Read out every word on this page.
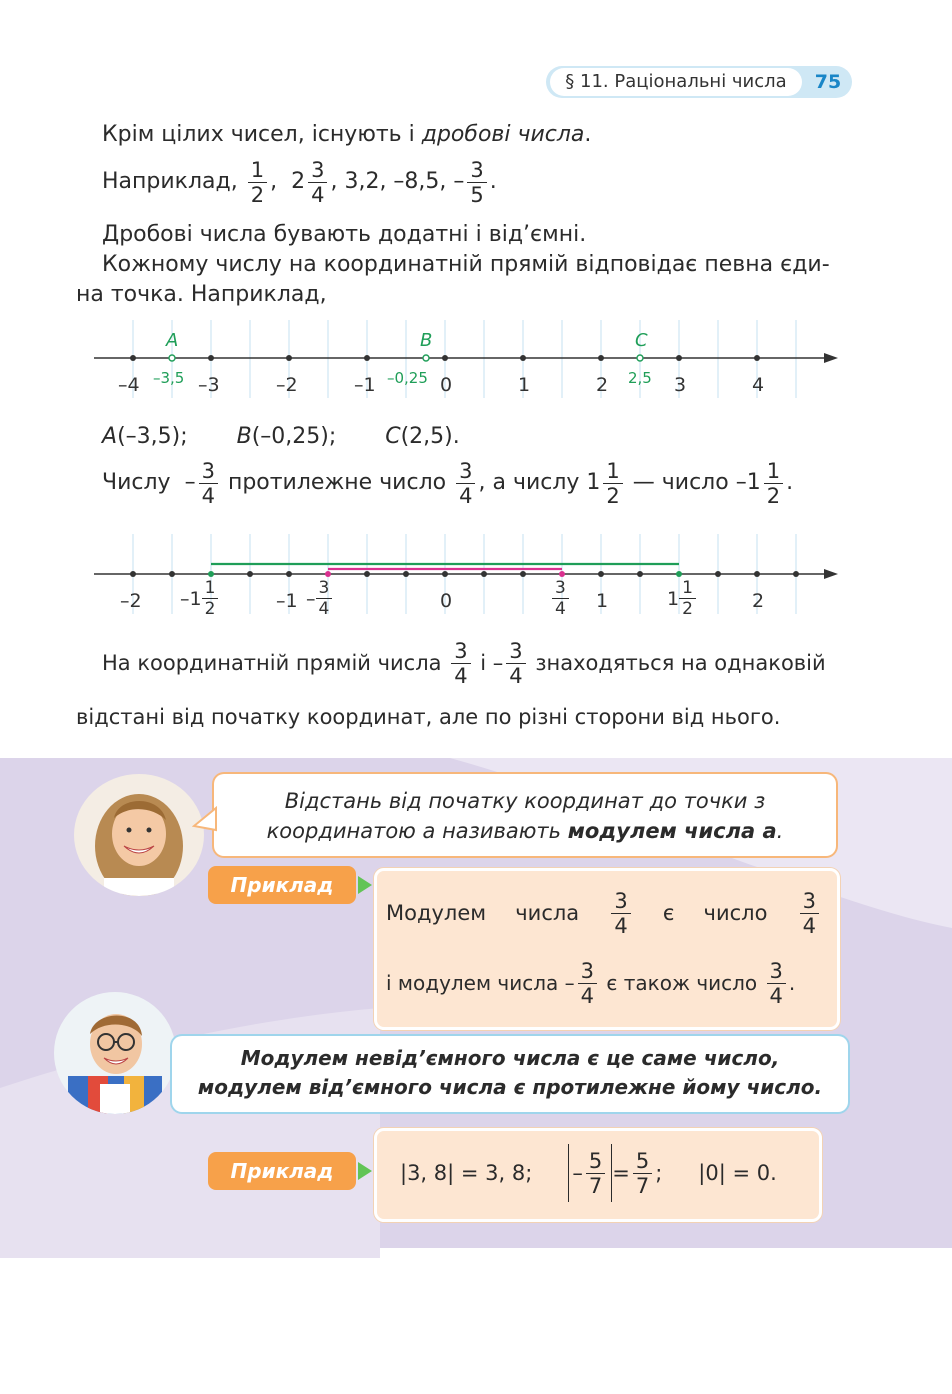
§ 11. Раціональні числа	75
Крім цілих чисел, існують і дробові числа.
Наприклад,
$\frac{1}{2}$ ,
$2 \frac{3}{4}$ , 3,2, –8,5,
– $\frac{3}{5}$ .
Дробові числа бувають додатні і від’ємні.
Кожному числу на координатній прямій відповідає певна єди-
на точка. Наприклад,
–4	–3	–2	–1	0	1	2	3	4
A	B	C
–3,5	–0,25	2,5
A(–3,5); B(–0,25); C(2,5).
Числу
– $\frac{3}{4}$
протилежне число
$\frac{3}{4}$ , а числу $1 \frac{1}{2}$
— число $-1 \frac{1}{2}$ .
–2	–1	0	1	2
$-1 \frac{1}{2}$	– $\frac{3}{4}$	$\frac{3}{4}$	$1 \frac{1}{2}$
На координатній прямій числа
$\frac{3}{4}$
і – $\frac{3}{4}$
знаходяться на однаковій
відстані від початку координат, але по різні сторони від нього.
Відстань від початку координат до точки з
координатою a називають модулем числа a.
Приклад
Модулем числа $\frac{3}{4}$ є число $\frac{3}{4}$
і модулем числа – $\frac{3}{4}$
є також число
$\frac{3}{4}$ .
Модулем невід’ємного числа є це саме число,
модулем від’ємного числа є протилежне йому число.
Приклад	|3, 8| = 3, 8; – $\frac{5}{7} = \frac{5}{7}$ ; |0| = 0.
